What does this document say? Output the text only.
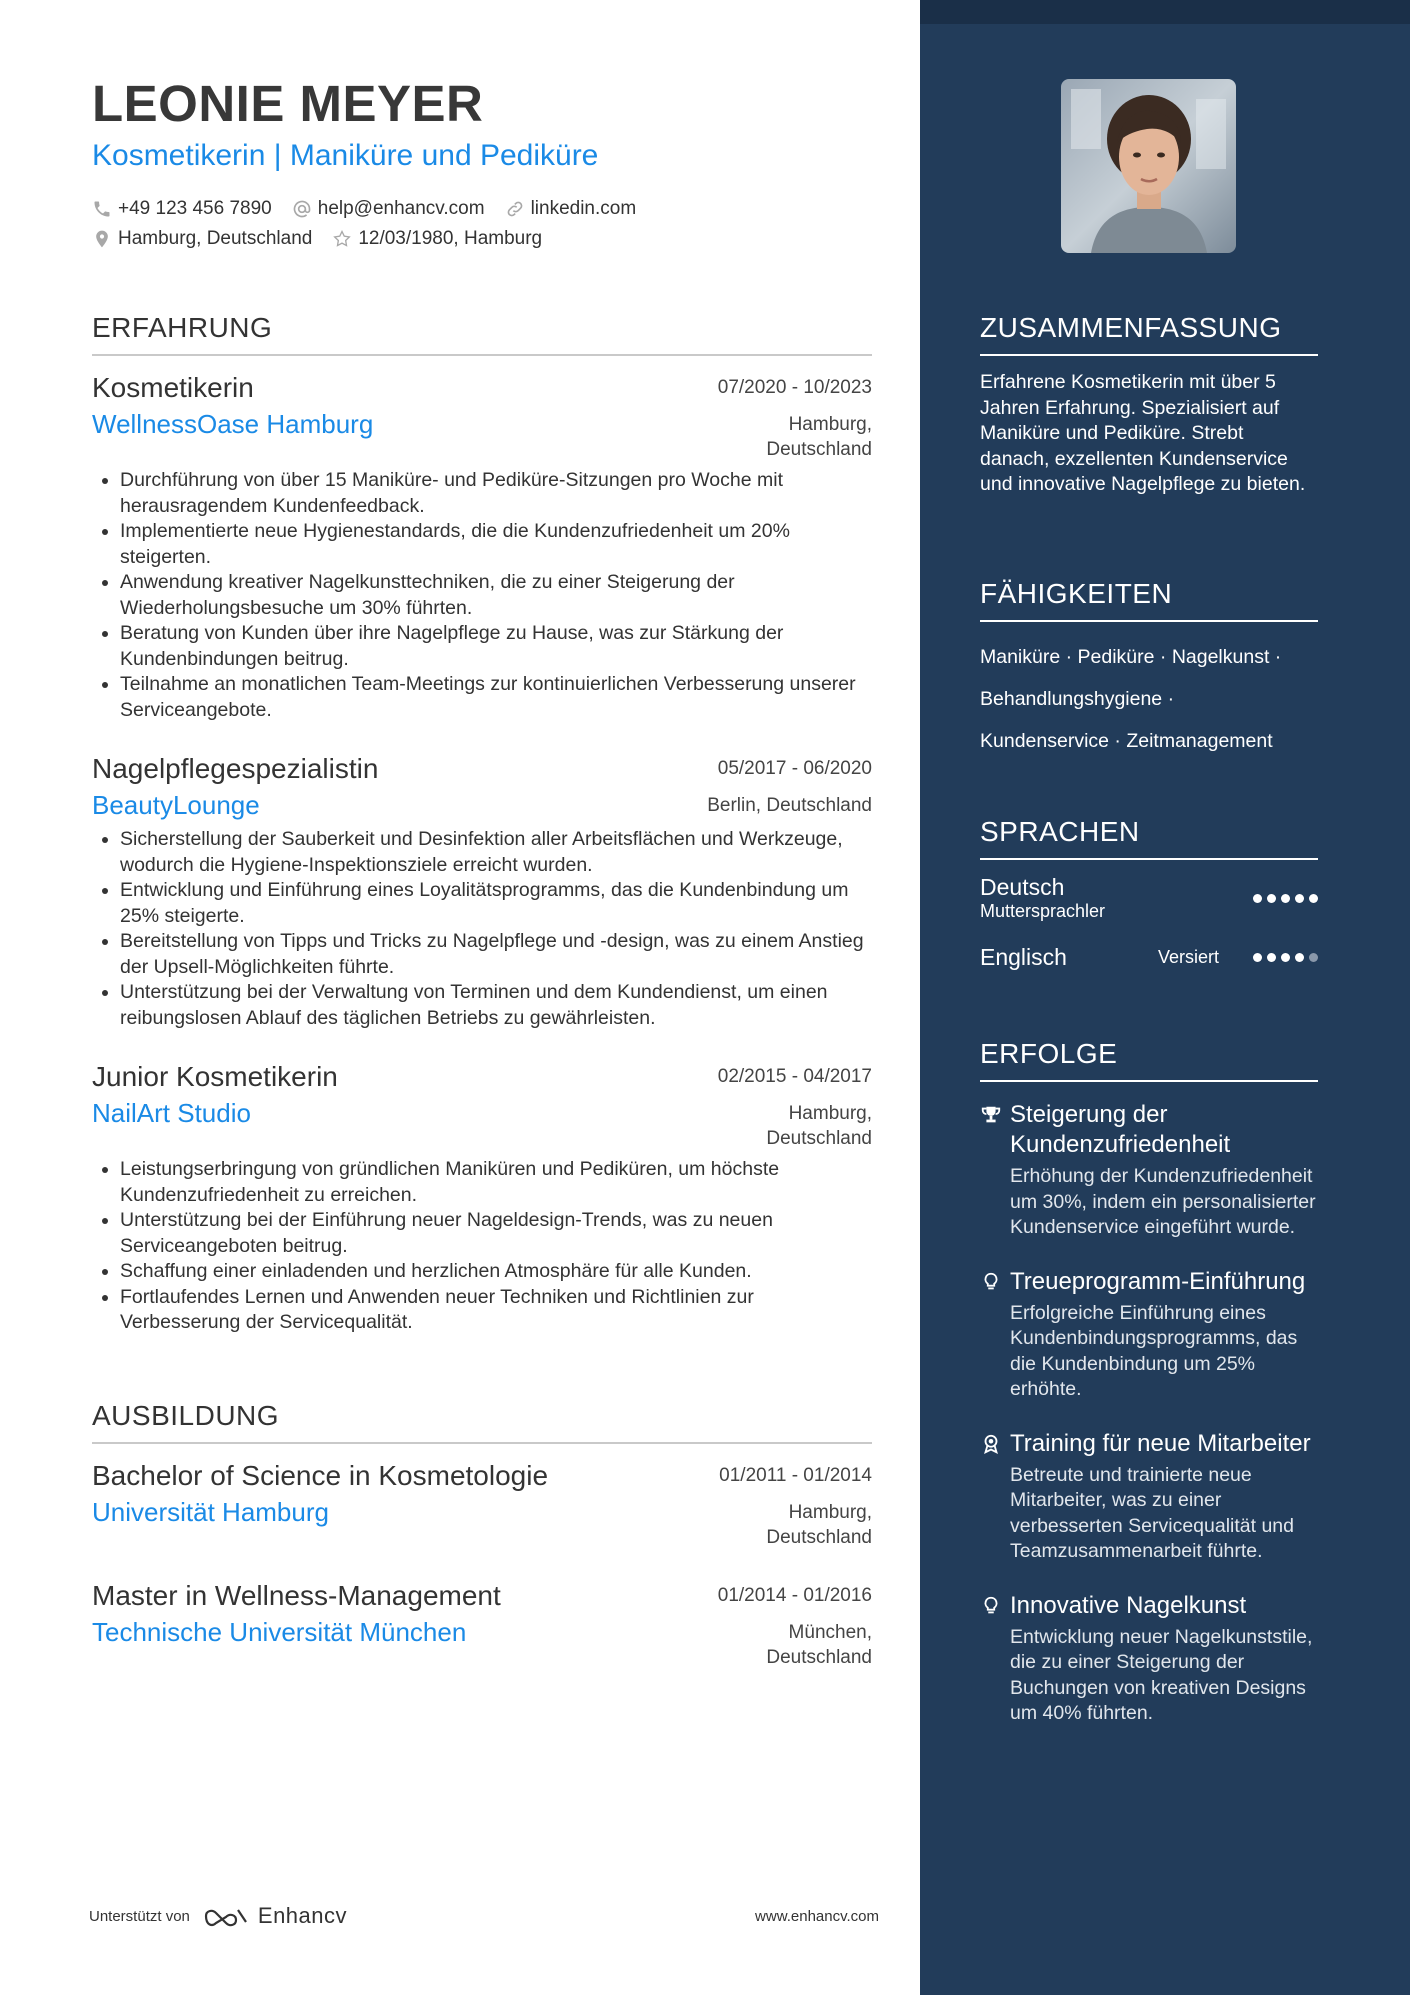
LEONIE MEYER
Kosmetikerin | Maniküre und Pediküre
+49 123 456 7890 help@enhancv.com linkedin.com
Hamburg, Deutschland 12/03/1980, Hamburg
ERFAHRUNG
Kosmetikerin	07/2020 - 10/2023
WellnessOase Hamburg	Hamburg, Deutschland
• Durchführung von über 15 Maniküre- und Pediküre-Sitzungen pro Woche mit herausragendem Kundenfeedback.
• Implementierte neue Hygienestandards, die die Kundenzufriedenheit um 20% steigerten.
• Anwendung kreativer Nagelkunsttechniken, die zu einer Steigerung der Wiederholungsbesuche um 30% führten.
• Beratung von Kunden über ihre Nagelpflege zu Hause, was zur Stärkung der Kundenbindungen beitrug.
• Teilnahme an monatlichen Team-Meetings zur kontinuierlichen Verbesserung unserer Serviceangebote.
Nagelpflegespezialistin	05/2017 - 06/2020
BeautyLounge	Berlin, Deutschland
• Sicherstellung der Sauberkeit und Desinfektion aller Arbeitsflächen und Werkzeuge, wodurch die Hygiene-Inspektionsziele erreicht wurden.
• Entwicklung und Einführung eines Loyalitätsprogramms, das die Kundenbindung um 25% steigerte.
• Bereitstellung von Tipps und Tricks zu Nagelpflege und -design, was zu einem Anstieg der Upsell-Möglichkeiten führte.
• Unterstützung bei der Verwaltung von Terminen und dem Kundendienst, um einen reibungslosen Ablauf des täglichen Betriebs zu gewährleisten.
Junior Kosmetikerin	02/2015 - 04/2017
NailArt Studio	Hamburg, Deutschland
• Leistungserbringung von gründlichen Maniküren und Pediküren, um höchste Kundenzufriedenheit zu erreichen.
• Unterstützung bei der Einführung neuer Nageldesign-Trends, was zu neuen Serviceangeboten beitrug.
• Schaffung einer einladenden und herzlichen Atmosphäre für alle Kunden.
• Fortlaufendes Lernen und Anwenden neuer Techniken und Richtlinien zur Verbesserung der Servicequalität.
AUSBILDUNG
Bachelor of Science in Kosmetologie	01/2011 - 01/2014
Universität Hamburg	Hamburg, Deutschland
Master in Wellness-Management	01/2014 - 01/2016
Technische Universität München	München, Deutschland
Unterstützt von	Enhancv	www.enhancv.com
ZUSAMMENFASSUNG
Erfahrene Kosmetikerin mit über 5 Jahren Erfahrung. Spezialisiert auf Maniküre und Pediküre. Strebt danach, exzellenten Kundenservice und innovative Nagelpflege zu bieten.
FÄHIGKEITEN
Maniküre · Pediküre · Nagelkunst ·
Behandlungshygiene ·
Kundenservice · Zeitmanagement
SPRACHEN
Deutsch
Muttersprachler
Englisch	Versiert
ERFOLGE
Steigerung der Kundenzufriedenheit
Erhöhung der Kundenzufriedenheit um 30%, indem ein personalisierter Kundenservice eingeführt wurde.
Treueprogramm-Einführung
Erfolgreiche Einführung eines Kundenbindungsprogramms, das die Kundenbindung um 25% erhöhte.
Training für neue Mitarbeiter
Betreute und trainierte neue Mitarbeiter, was zu einer verbesserten Servicequalität und Teamzusammenarbeit führte.
Innovative Nagelkunst
Entwicklung neuer Nagelkunststile, die zu einer Steigerung der Buchungen von kreativen Designs um 40% führten.
